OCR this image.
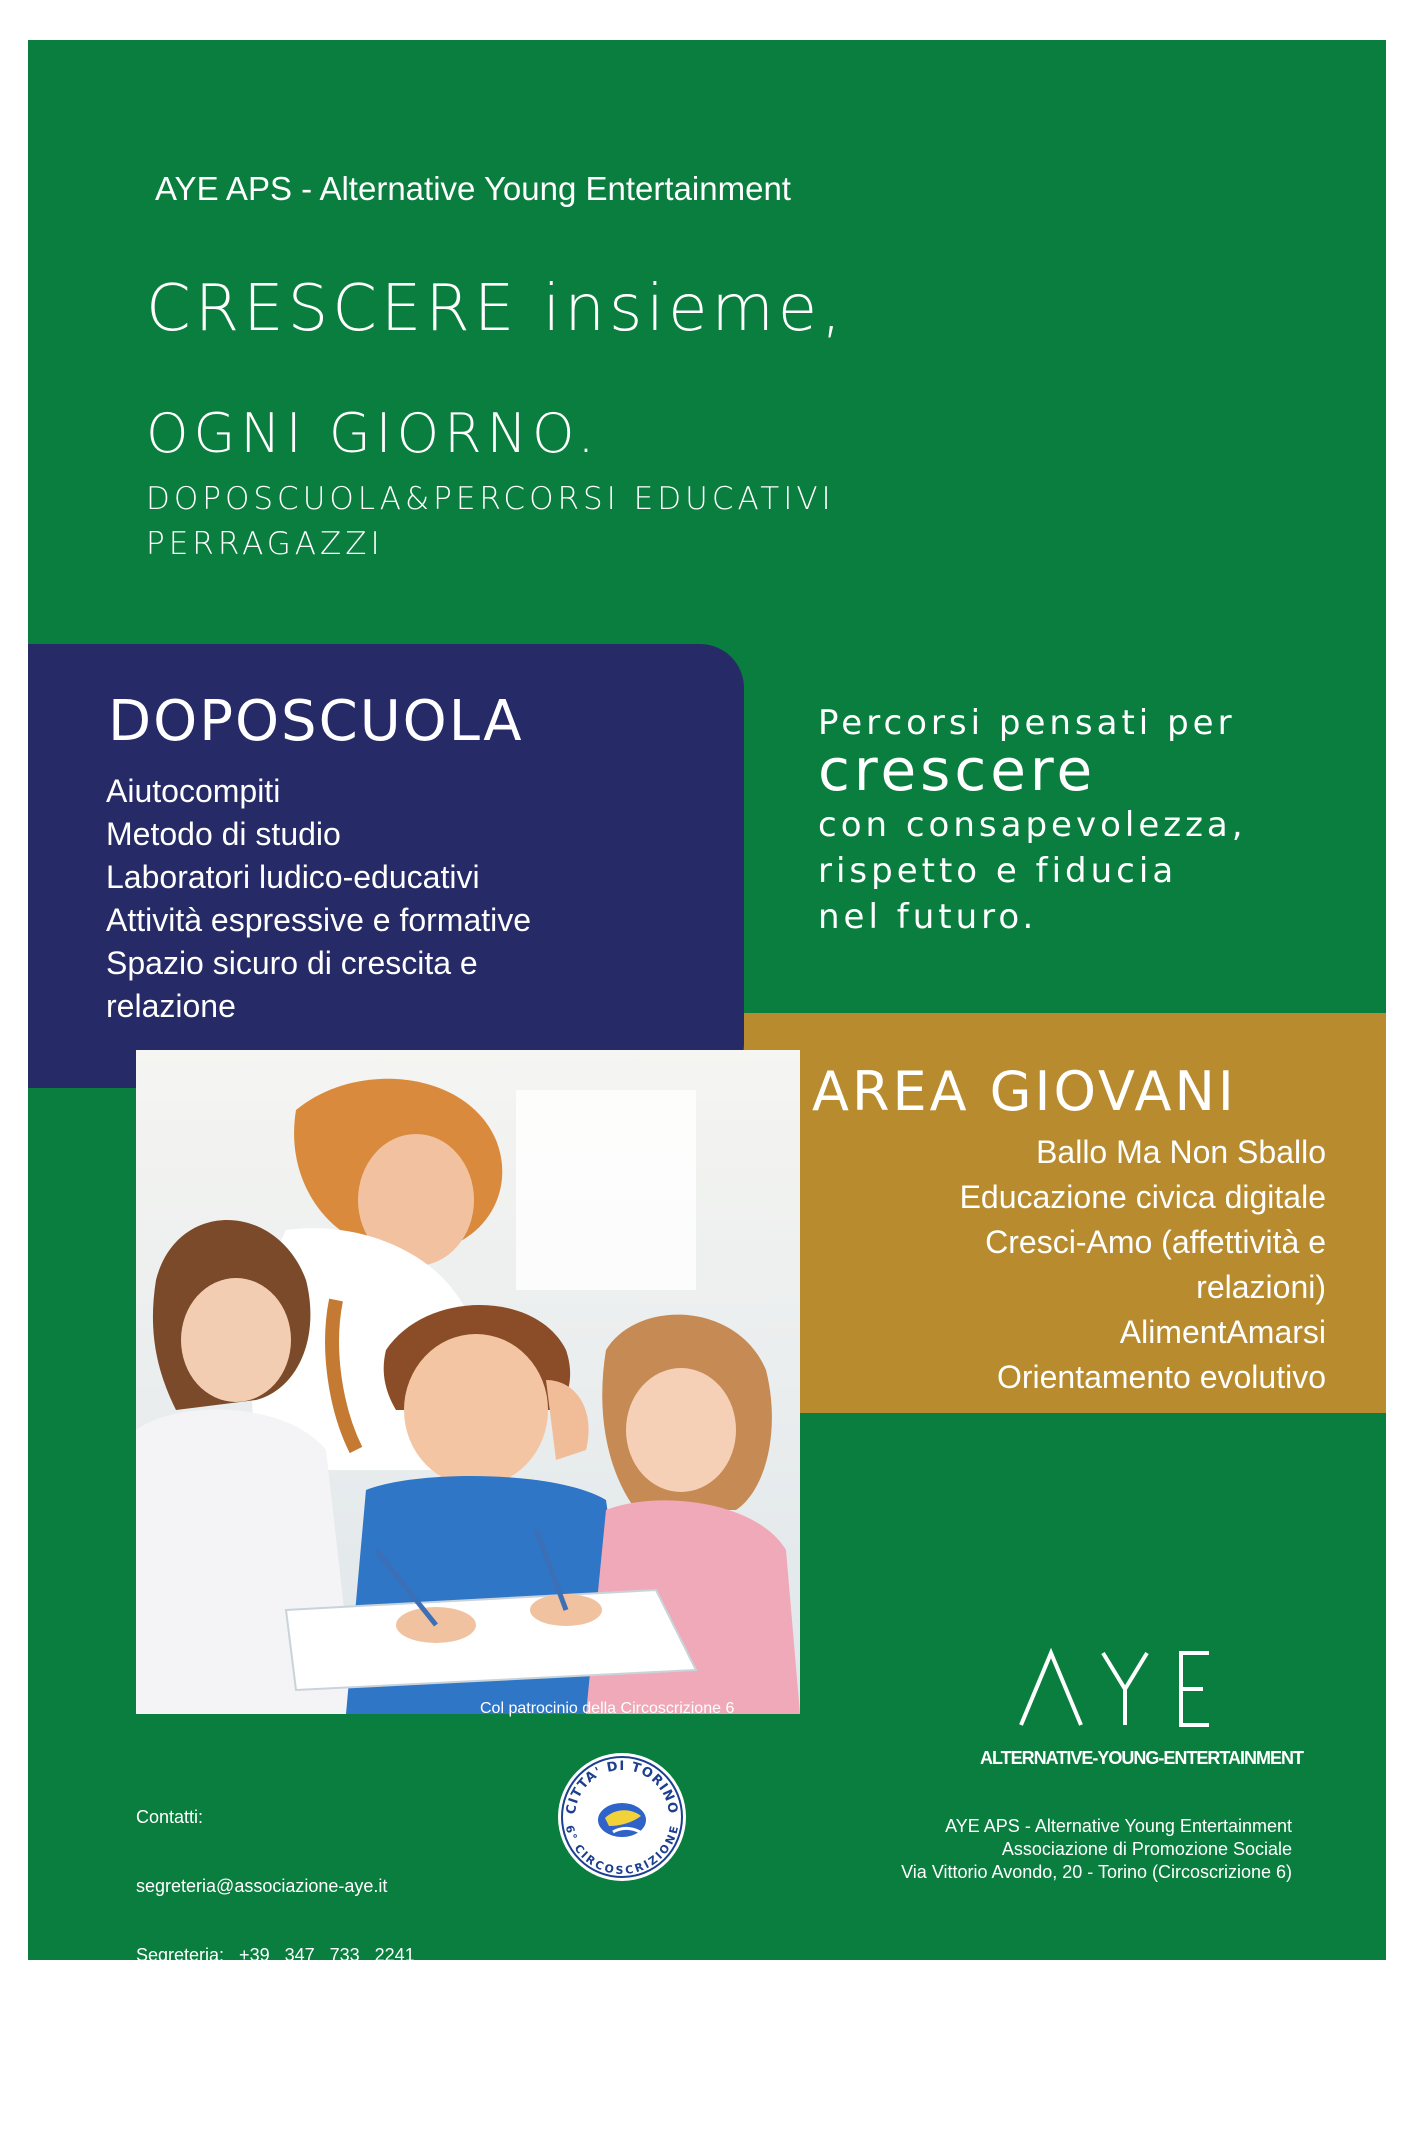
AYE APS - Alternative Young Entertainment
CRESCERE insieme,
OGNI GIORNO.
DOPOSCUOLA&PERCORSI EDUCATIVI
PERRAGAZZI
DOPOSCUOLA
Aiutocompiti
Metodo di studio
Laboratori ludico-educativi
Attività espressive e formative
Spazio sicuro di crescita e
relazione
Percorsi pensati per
crescere
con consapevolezza,
rispetto e fiducia
nel futuro.
AREA GIOVANI
Ballo Ma Non Sballo
Educazione civica digitale
Cresci-Amo (affettività e
relazioni)
AlimentAmarsi
Orientamento evolutivo
Col patrocinio della Circoscrizione 6

Contatti:

segreteria@associazione-aye.it

Segreteria:   +39   347   733   2241

Presidenza:+39   334   534   6262

Presidente: Ruggiero Ninno

CITTA' DI TORINO
6° CIRCOSCRIZIONE
ALTERNATIVE-YOUNG-ENTERTAINMENT
AYE APS - Alternative Young Entertainment
Associazione di Promozione Sociale
Via Vittorio Avondo, 20 - Torino (Circoscrizione 6)
